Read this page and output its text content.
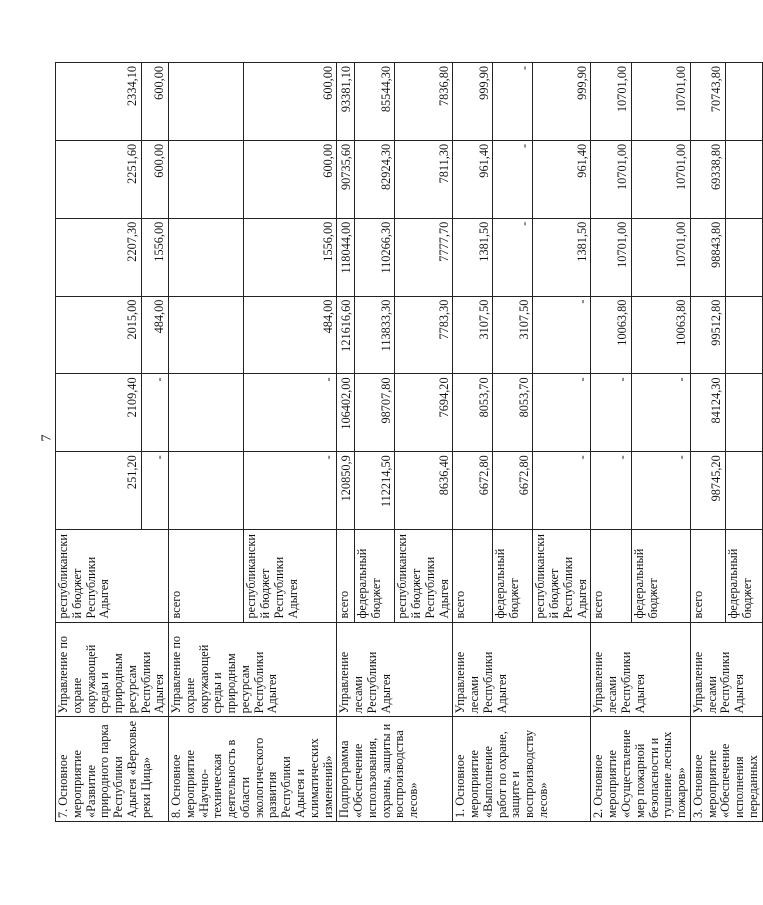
7. Основное мероприятие «Развитие природного парка Республики Адыгея «Верховье реки Цица»	Управление по охране окружающей среды и природным ресурсам Республики Адыгея	республиканский бюджет Республики Адыгея	251,20	2109,40	2015,00	2207,30	2251,60	2334,10
			-	-	484,00	1556,00	600,00	600,00
8. Основное мероприятие «Научно-техническая деятельность в области экологического развития Республики Адыгея и климатических изменений»	Управление по охране окружающей среды и природным ресурсам Республики Адыгея	всего						
		республиканский бюджет Республики Адыгея	-	-	484,00	1556,00	600,00	600,00
Подпрограмма «Обеспечение использования, охраны, защиты и воспроизводства лесов»	Управление лесами Республики Адыгея	всего	120850,9	106402,00	121616,60	118044,00	90735,60	93381,10
		федеральный бюджет	112214,50	98707,80	113833,30	110266,30	82924,30	85544,30
		республиканский бюджет Республики Адыгея	8636,40	7694,20	7783,30	7777,70	7811,30	7836,80
1. Основное мероприятие «Выполнение работ по охране, защите и воспроизводству лесов»	Управление лесами Республики Адыгея	всего	6672,80	8053,70	3107,50	1381,50	961,40	999,90
		федеральный бюджет	6672,80	8053,70	3107,50	-	-	-
		республиканский бюджет Республики Адыгея	-	-	-	1381,50	961,40	999,90
2. Основное мероприятие «Осуществление мер пожарной безопасности и тушение лесных пожаров»	Управление лесами Республики Адыгея	всего	-	-	10063,80	10701,00	10701,00	10701,00
		федеральный бюджет	-	-	10063,80	10701,00	10701,00	10701,00
3. Основное мероприятие «Обеспечение исполнения переданных	Управление лесами Республики Адыгея	всего	98745,20	84124,30	99512,80	98843,80	69338,80	70743,80
		федеральный бюджет						
7
